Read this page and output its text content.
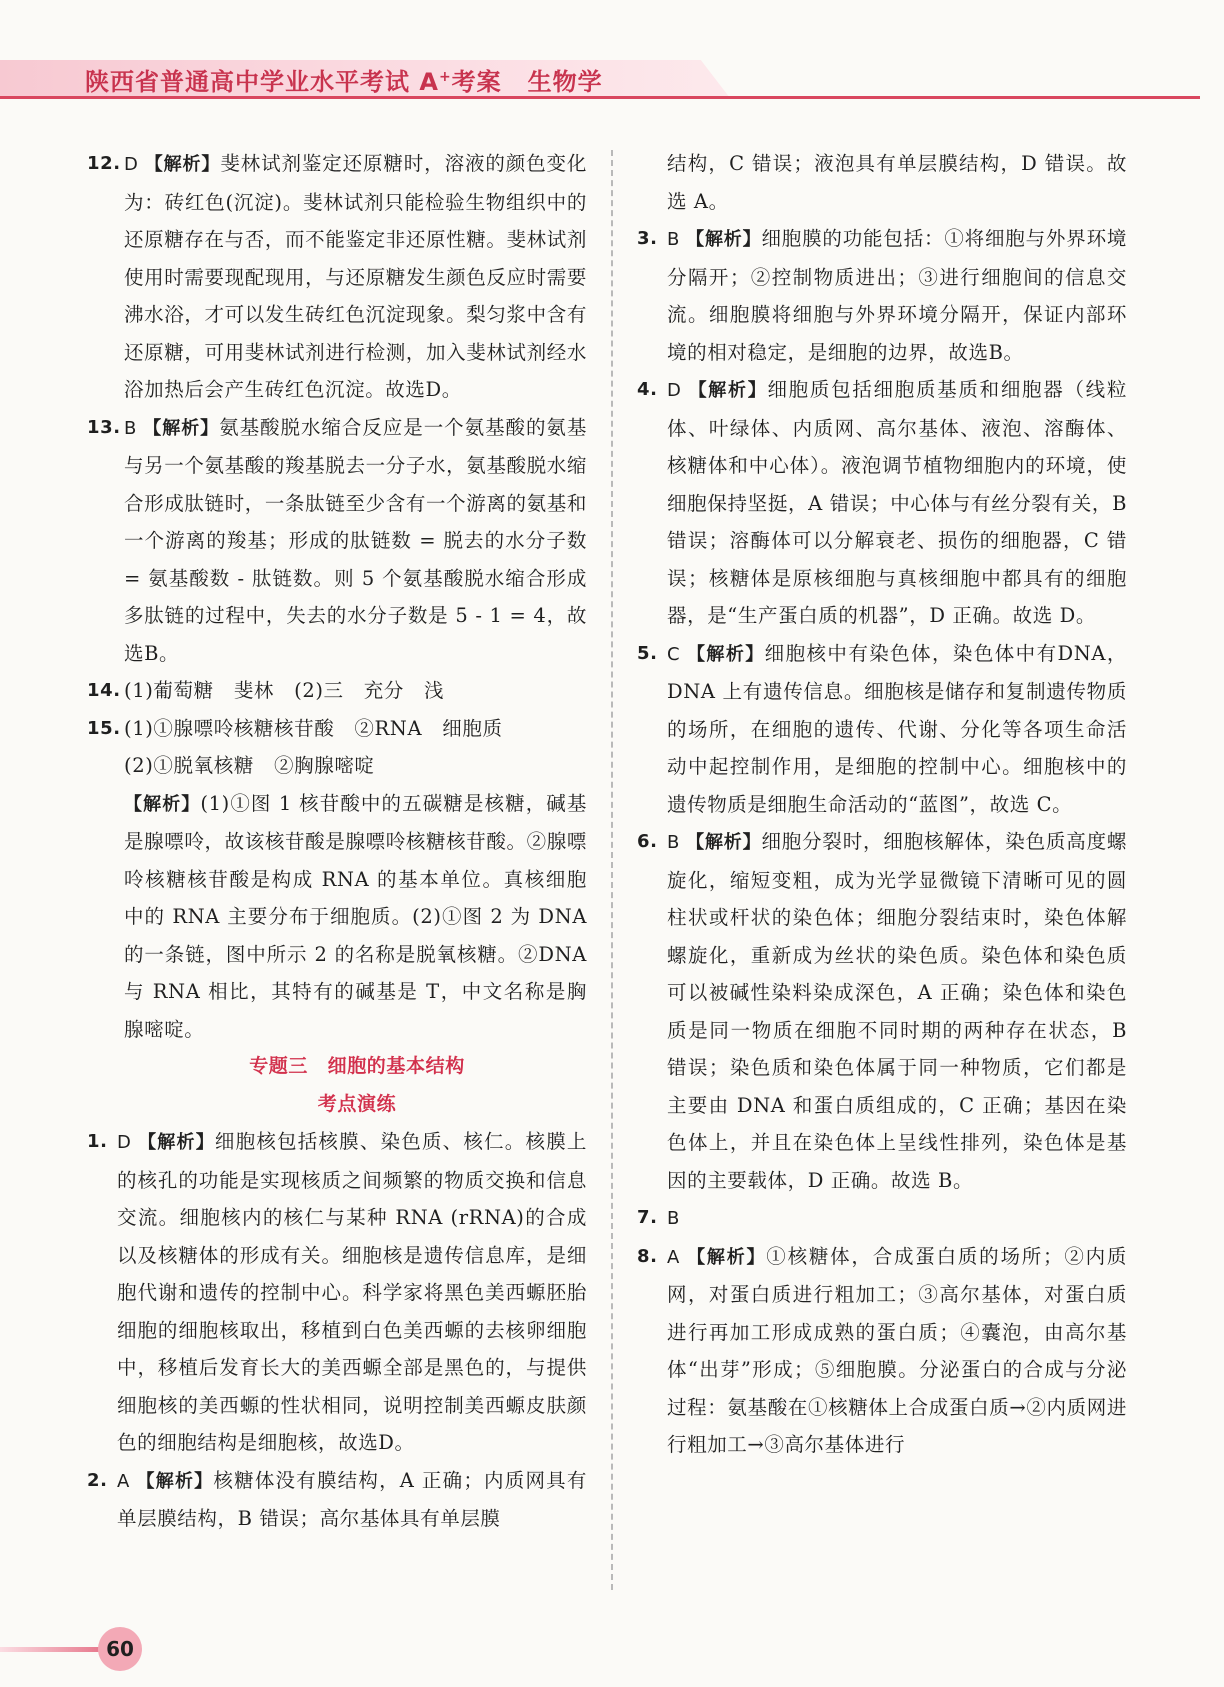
陕西省普通高中学业水平考试 A+考案 生物学
12. D 【解析】斐林试剂鉴定还原糖时，溶液的颜色变化为：砖红色(沉淀)。斐林试剂只能检验生物组织中的还原糖存在与否，而不能鉴定非还原性糖。斐林试剂使用时需要现配现用，与还原糖发生颜色反应时需要沸水浴，才可以发生砖红色沉淀现象。梨匀浆中含有还原糖，可用斐林试剂进行检测，加入斐林试剂经水浴加热后会产生砖红色沉淀。故选D。
13. B 【解析】氨基酸脱水缩合反应是一个氨基酸的氨基与另一个氨基酸的羧基脱去一分子水，氨基酸脱水缩合形成肽链时，一条肽链至少含有一个游离的氨基和一个游离的羧基；形成的肽链数 = 脱去的水分子数 = 氨基酸数 - 肽链数。则 5 个氨基酸脱水缩合形成多肽链的过程中，失去的水分子数是 5 - 1 = 4，故选B。
14. (1)葡萄糖　斐林　(2)三　充分　浅
15. (1)①腺嘌呤核糖核苷酸　②RNA　细胞质
(2)①脱氧核糖　②胸腺嘧啶
【解析】(1)①图 1 核苷酸中的五碳糖是核糖，碱基是腺嘌呤，故该核苷酸是腺嘌呤核糖核苷酸。②腺嘌呤核糖核苷酸是构成 RNA 的基本单位。真核细胞中的 RNA 主要分布于细胞质。(2)①图 2 为 DNA 的一条链，图中所示 2 的名称是脱氧核糖。②DNA 与 RNA 相比，其特有的碱基是 T，中文名称是胸腺嘧啶。
专题三　细胞的基本结构
考点演练
1. D 【解析】细胞核包括核膜、染色质、核仁。核膜上的核孔的功能是实现核质之间频繁的物质交换和信息交流。细胞核内的核仁与某种 RNA (rRNA)的合成以及核糖体的形成有关。细胞核是遗传信息库，是细胞代谢和遗传的控制中心。科学家将黑色美西螈胚胎细胞的细胞核取出，移植到白色美西螈的去核卵细胞中，移植后发育长大的美西螈全部是黑色的，与提供细胞核的美西螈的性状相同，说明控制美西螈皮肤颜色的细胞结构是细胞核，故选D。
2. A 【解析】核糖体没有膜结构，A 正确；内质网具有单层膜结构，B 错误；高尔基体具有单层膜
结构，C 错误；液泡具有单层膜结构，D 错误。故选 A。
3. B 【解析】细胞膜的功能包括：①将细胞与外界环境分隔开；②控制物质进出；③进行细胞间的信息交流。细胞膜将细胞与外界环境分隔开，保证内部环境的相对稳定，是细胞的边界，故选B。
4. D 【解析】细胞质包括细胞质基质和细胞器（线粒体、叶绿体、内质网、高尔基体、液泡、溶酶体、核糖体和中心体）。液泡调节植物细胞内的环境，使细胞保持坚挺，A 错误；中心体与有丝分裂有关，B 错误；溶酶体可以分解衰老、损伤的细胞器，C 错误；核糖体是原核细胞与真核细胞中都具有的细胞器，是“生产蛋白质的机器”，D 正确。故选 D。
5. C 【解析】细胞核中有染色体，染色体中有DNA，DNA 上有遗传信息。细胞核是储存和复制遗传物质的场所，在细胞的遗传、代谢、分化等各项生命活动中起控制作用，是细胞的控制中心。细胞核中的遗传物质是细胞生命活动的“蓝图”，故选 C。
6. B 【解析】细胞分裂时，细胞核解体，染色质高度螺旋化，缩短变粗，成为光学显微镜下清晰可见的圆柱状或杆状的染色体；细胞分裂结束时，染色体解螺旋化，重新成为丝状的染色质。染色体和染色质可以被碱性染料染成深色，A 正确；染色体和染色质是同一物质在细胞不同时期的两种存在状态，B 错误；染色质和染色体属于同一种物质，它们都是主要由 DNA 和蛋白质组成的，C 正确；基因在染色体上，并且在染色体上呈线性排列，染色体是基因的主要载体，D 正确。故选 B。
7. B
8. A 【解析】①核糖体，合成蛋白质的场所；②内质网，对蛋白质进行粗加工；③高尔基体，对蛋白质进行再加工形成成熟的蛋白质；④囊泡，由高尔基体“出芽”形成；⑤细胞膜。分泌蛋白的合成与分泌过程：氨基酸在①核糖体上合成蛋白质→②内质网进行粗加工→③高尔基体进行
60
